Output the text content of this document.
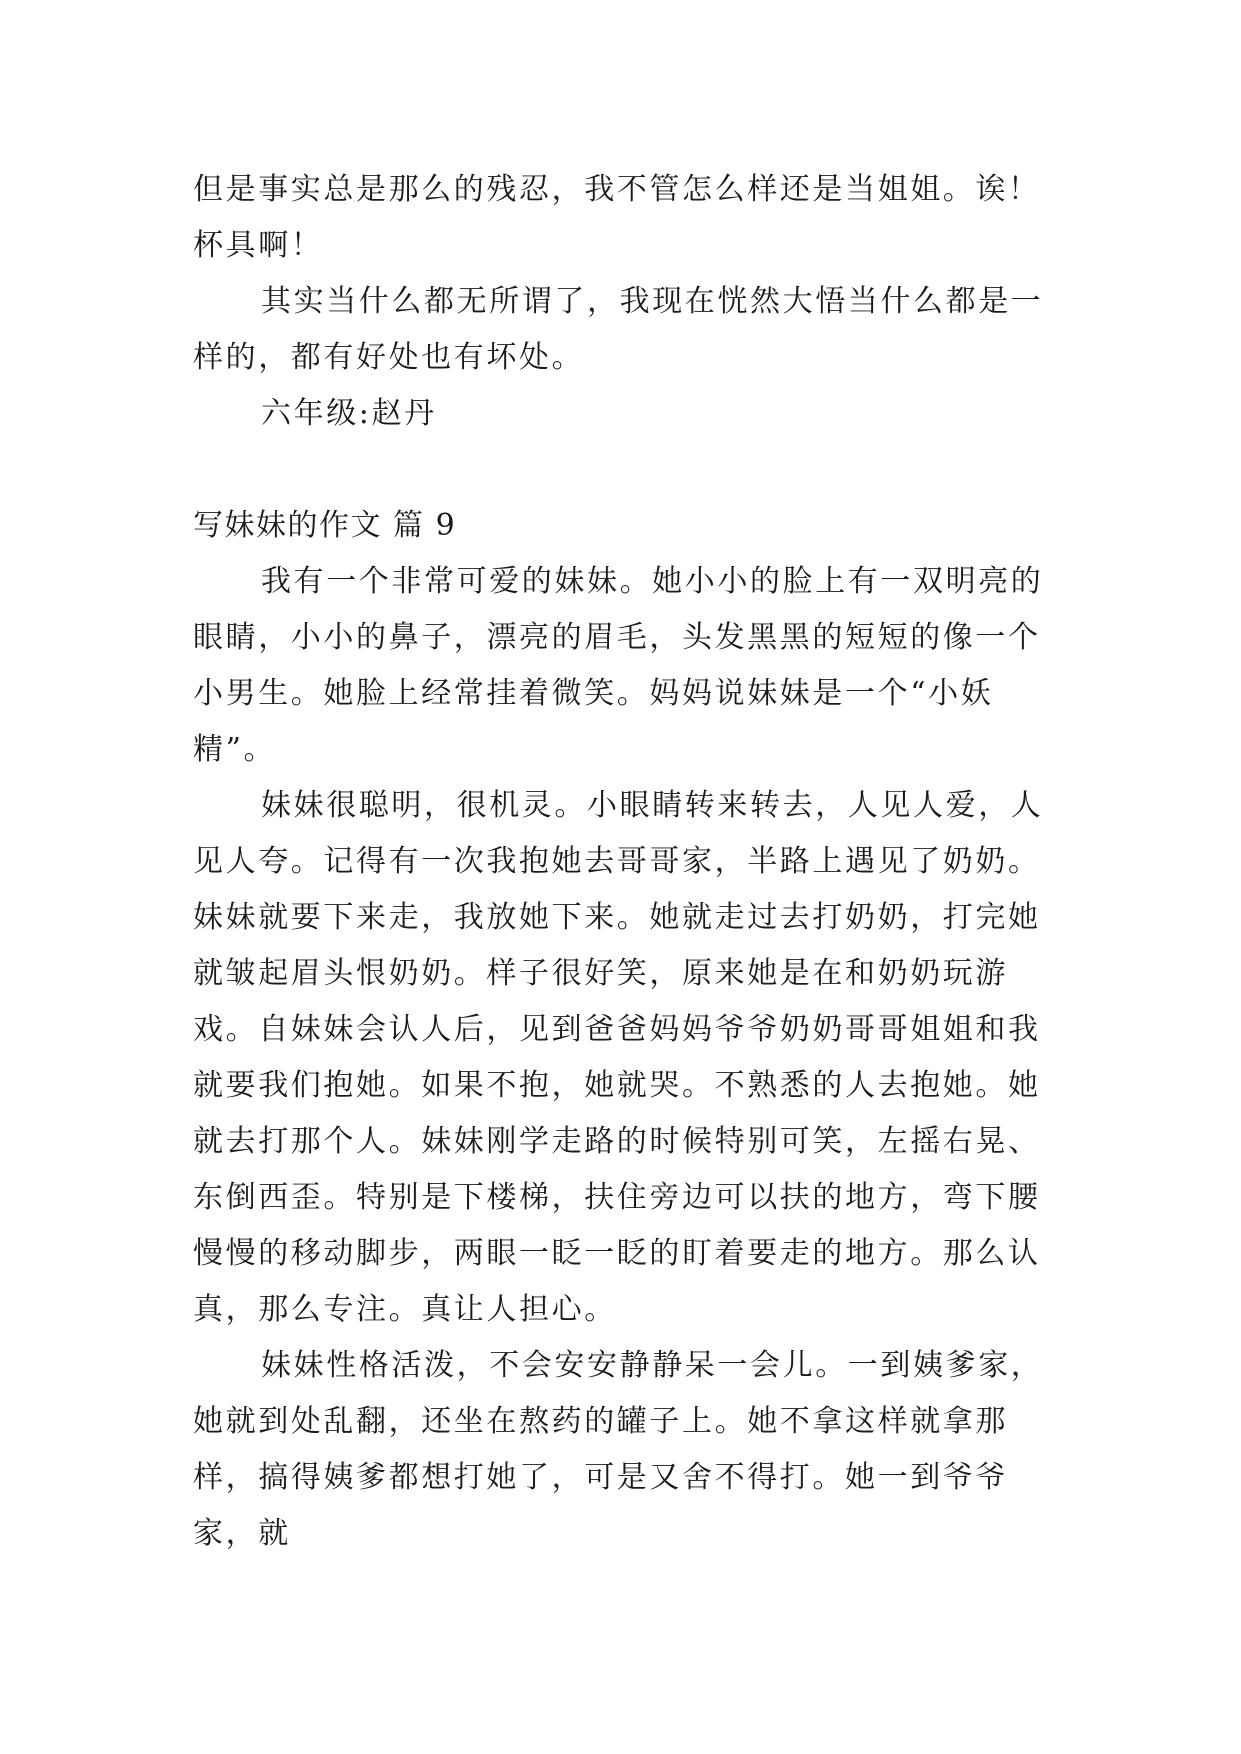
但是事实总是那么的残忍，我不管怎么样还是当姐姐。诶！杯具啊！

其实当什么都无所谓了，我现在恍然大悟当什么都是一样的，都有好处也有坏处。

六年级:赵丹

写妹妹的作文 篇 9

我有一个非常可爱的妹妹。她小小的脸上有一双明亮的眼睛，小小的鼻子，漂亮的眉毛，头发黑黑的短短的像一个小男生。她脸上经常挂着微笑。妈妈说妹妹是一个“小妖精”。

妹妹很聪明，很机灵。小眼睛转来转去，人见人爱，人见人夸。记得有一次我抱她去哥哥家，半路上遇见了奶奶。妹妹就要下来走，我放她下来。她就走过去打奶奶，打完她就皱起眉头恨奶奶。样子很好笑，原来她是在和奶奶玩游戏。自妹妹会认人后，见到爸爸妈妈爷爷奶奶哥哥姐姐和我就要我们抱她。如果不抱，她就哭。不熟悉的人去抱她。她就去打那个人。妹妹刚学走路的时候特别可笑，左摇右晃、东倒西歪。特别是下楼梯，扶住旁边可以扶的地方，弯下腰慢慢的移动脚步，两眼一眨一眨的盯着要走的地方。那么认真，那么专注。真让人担心。

妹妹性格活泼，不会安安静静呆一会儿。一到姨爹家，她就到处乱翻，还坐在熬药的罐子上。她不拿这样就拿那样，搞得姨爹都想打她了，可是又舍不得打。她一到爷爷家，就
